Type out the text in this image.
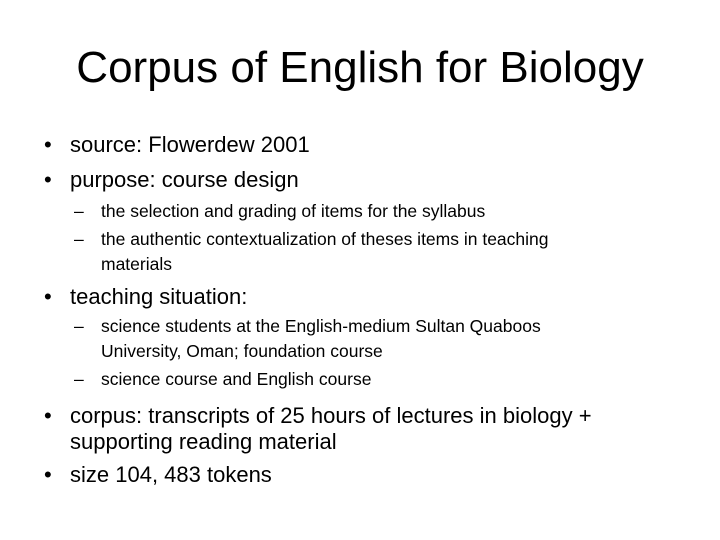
Corpus of English for Biology
• source: Flowerdew 2001
• purpose: course design
– the selection and grading of items for the syllabus
– the authentic contextualization of theses items in teaching
materials
• teaching situation:
– science students at the English-medium Sultan Quaboos
University, Oman; foundation course
– science course and English course
• corpus: transcripts of 25 hours of lectures in biology +
supporting reading material
• size 104, 483 tokens
